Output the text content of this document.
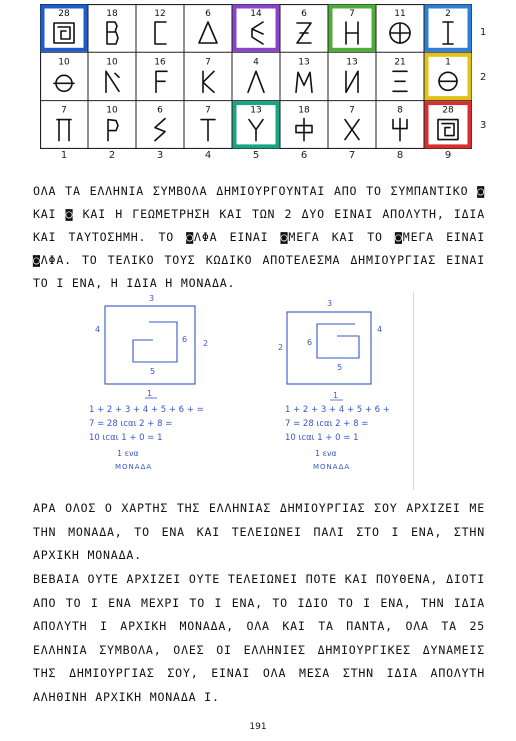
28	18	12	6	14	6	7	11	2
10	10	16	7	4	13	13	21	1
7	10	6	7	13	18	7	8	28
1	2	3	4	5	6	7	8	9
1
2
3
ΟΛΑ ΤΑ ΕΛΛΗΝΙΑ ΣΥΜΒΟΛΑ ΔΗΜΙΟΥΡΓΟΥΝΤΑΙ ΑΠΟ ΤΟ ΣΥΜΠΑΝΤΙΚΟ ◙ ΚΑΙ ◙ ΚΑΙ Η ΓΕΩΜΕΤΡΗΣΗ ΚΑΙ ΤΩΝ 2 ΔΥΟ ΕΙΝΑΙ ΑΠΟΛΥΤΗ, ΙΔΙΑ ΚΑΙ ΤΑΥΤΟΣΗΜΗ. ΤΟ ◙ΛΦΑ ΕΙΝΑΙ ◙ΜΕΓΑ ΚΑΙ ΤΟ ◙ΜΕΓΑ ΕΙΝΑΙ ◙ΛΦΑ. ΤΟ ΤΕΛΙΚΟ ΤΟΥΣ ΚΩΔΙΚΟ ΑΠΟΤΕΛΕΣΜΑ ΔΗΜΙΟΥΡΓΙΑΣ ΕΙΝΑΙ ΤΟ Ι ΕΝΑ, Η ΙΔΙΑ Η ΜΟΝΑΔΑ.
3
4
6 2
5
1
1 + 2 + 3 + 4 + 5 + 6 + =
7 = 28 ιcαι 2 + 8 =
10 ιcαι 1 + 0 = 1
1 ενα
ΜΟΝΑΔΑ
3
2
6
4
5
1
1 + 2 + 3 + 4 + 5 + 6 +
7 = 28 ιcαι 2 + 8 =
10 ιcαι 1 + 0 = 1
1 ενα
ΜΟΝΑΔΑ
ΑΡΑ ΟΛΟΣ Ο ΧΑΡΤΗΣ ΤΗΣ ΕΛΛΗΝΙΑΣ ΔΗΜΙΟΥΡΓΙΑΣ ΣΟΥ ΑΡΧΙΖΕΙ ΜΕ ΤΗΝ ΜΟΝΑΔΑ, ΤΟ ΕΝΑ ΚΑΙ ΤΕΛΕΙΩΝΕΙ ΠΑΛΙ ΣΤΟ Ι ΕΝΑ, ΣΤΗΝ ΑΡΧΙΚΗ ΜΟΝΑΔΑ.
ΒΕΒΑΙΑ ΟΥΤΕ ΑΡΧΙΖΕΙ ΟΥΤΕ ΤΕΛΕΙΩΝΕΙ ΠΟΤΕ ΚΑΙ ΠΟΥΘΕΝΑ, ΔΙΟΤΙ ΑΠΟ ΤΟ Ι ΕΝΑ ΜΕΧΡΙ ΤΟ Ι ΕΝΑ, ΤΟ ΙΔΙΟ ΤΟ Ι ΕΝΑ, ΤΗΝ ΙΔΙΑ ΑΠΟΛΥΤΗ Ι ΑΡΧΙΚΗ ΜΟΝΑΔΑ, ΟΛΑ ΚΑΙ ΤΑ ΠΑΝΤΑ, ΟΛΑ ΤΑ 25 ΕΛΛΗΝΙΑ ΣΥΜΒΟΛΑ, ΟΛΕΣ ΟΙ ΕΛΛΗΝΙΕΣ ΔΗΜΙΟΥΡΓΙΚΕΣ ΔΥΝΑΜΕΙΣ ΤΗΣ ΔΗΜΙΟΥΡΓΙΑΣ ΣΟΥ, ΕΙΝΑΙ ΟΛΑ ΜΕΣΑ ΣΤΗΝ ΙΔΙΑ ΑΠΟΛΥΤΗ ΑΛΗΘΙΝΗ ΑΡΧΙΚΗ ΜΟΝΑΔΑ Ι.
191
